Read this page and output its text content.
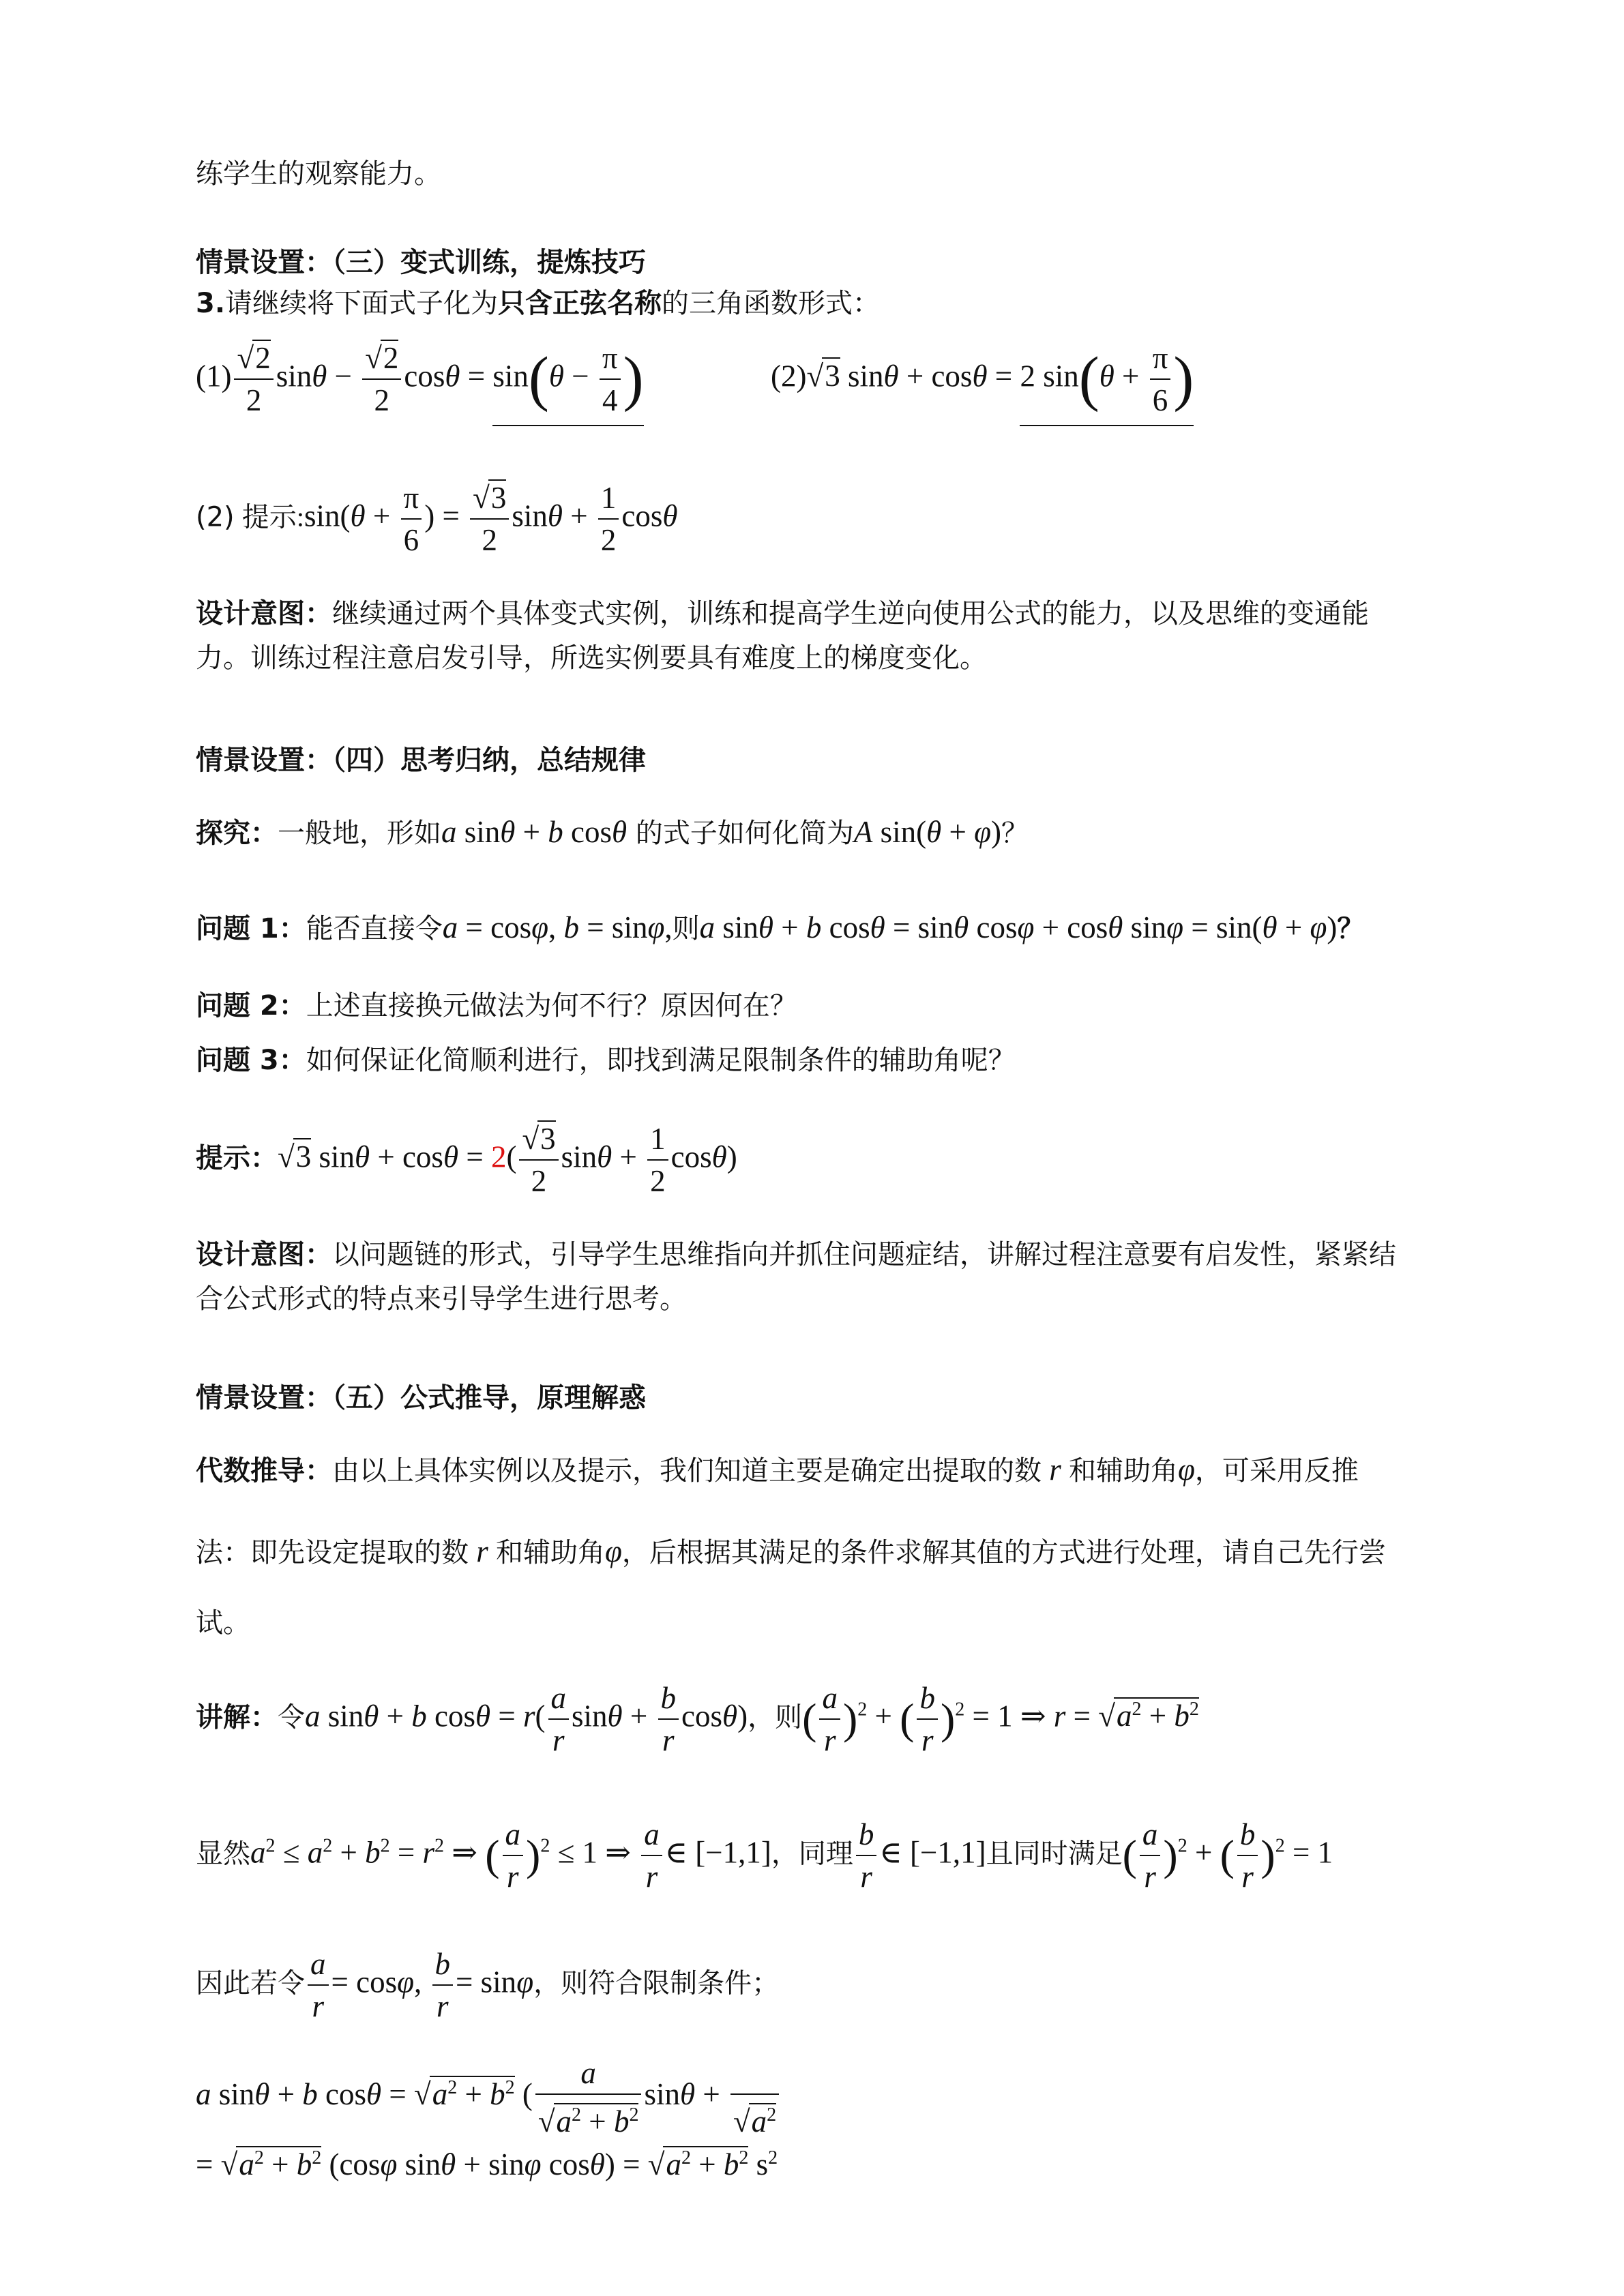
练学生的观察能力。
情景设置：（三）变式训练，提炼技巧
3.请继续将下面式子化为只含正弦名称的三角函数形式：
$(1) \frac{√2}{2}$ $\sin\theta - \frac{√2}{2}$ $\cos\theta = \sin(\theta - \frac{\pi}{4}$ )	(2)√3 sinθ + cosθ = 2 $\sin(\theta + \frac{\pi}{6}$ )
(2) 提示:sin(θ + $\frac{\pi}{6}$ ) = $\frac{√3}{2}$ $\sin\theta + \frac{1}{2}$ cosθ
设计意图：继续通过两个具体变式实例，训练和提高学生逆向使用公式的能力，以及思维的变通能
力。训练过程注意启发引导，所选实例要具有难度上的梯度变化。
情景设置：（四）思考归纳，总结规律
探究：一般地，形如a sinθ + b cosθ 的式子如何化简为A sin(θ + φ)？
问题 1：能否直接令a = cosφ, b = sinφ,则a sinθ + b cosθ = sinθ cosφ + cosθ sinφ = sin(θ + φ)？
问题 2：上述直接换元做法为何不行？原因何在？
问题 3：如何保证化简顺利进行，即找到满足限制条件的辅助角呢？
提示：√3 $\sin\theta + \cos\theta = 2( \frac{√3}{2}$ $\sin\theta + \frac{1}{2} \cos\theta$)
设计意图：以问题链的形式，引导学生思维指向并抓住问题症结，讲解过程注意要有启发性，紧紧结
合公式形式的特点来引导学生进行思考。
情景设置：（五）公式推导，原理解惑
代数推导：由以上具体实例以及提示，我们知道主要是确定出提取的数 r 和辅助角φ，可采用反推
法：即先设定提取的数 r 和辅助角φ，后根据其满足的条件求解其值的方式进行处理，请自己先行尝
试。
讲解：令a sinθ + b $\cos\theta = r( \frac{a}{r}$ $\sin\theta + \frac{b}{r} \cos\theta$)，则( $\frac{a}{r} )^2$ + ( $\frac{b}{r} )^2 = 1$ ⇒ $r = √a^2 + b^2$
显然$a^2 \le a^2 + b^2 = r^2$ ⇒ ( $\frac{a}{r} )^2 \le 1$ ⇒ $\frac{a}{r}$ ∈ [−1,1]，同理 $\frac{b}{r}$ ∈ [−1,1]且同时满足( $\frac{a}{r} )^2$ + ( $\frac{b}{r} )^2 = 1$
因此若令 $\frac{a}{r} = \cos\varphi$, $\frac{b}{r} = \sin\varphi$，则符合限制条件；
a sinθ + b $\cos\theta = √a^2 + b^2$ ( $\frac{a}{√a^2 + b^2}$ sinθ +

$√a^2$
= $√a^2 + b^2$ (cosφ sinθ + sinφ $\cos\theta) = √a^2 + b^2$ $s^2$
